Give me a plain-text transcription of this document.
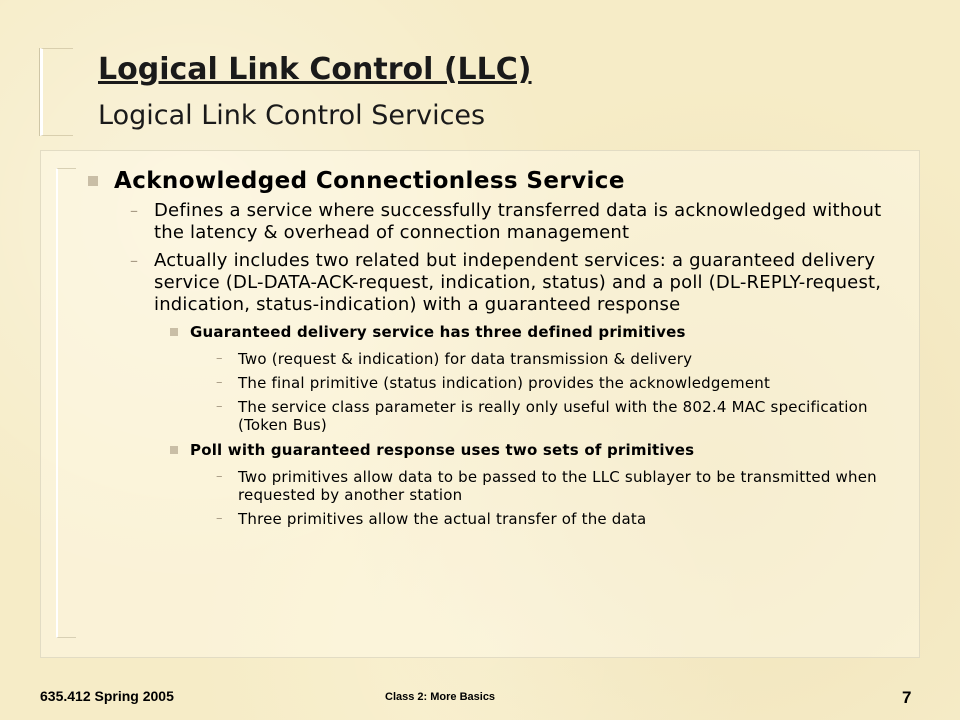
Logical Link Control (LLC)
Logical Link Control Services
Acknowledged Connectionless Service
– Defines a service where successfully transferred data is acknowledged without the latency & overhead of connection management
– Actually includes two related but independent services: a guaranteed delivery service (DL-DATA-ACK-request, indication, status) and a poll (DL-REPLY-request, indication, status-indication) with a guaranteed response
Guaranteed delivery service has three defined primitives
– Two (request & indication) for data transmission & delivery
– The final primitive (status indication) provides the acknowledgement
– The service class parameter is really only useful with the 802.4 MAC specification (Token Bus)
Poll with guaranteed response uses two sets of primitives
– Two primitives allow data to be passed to the LLC sublayer to be transmitted when requested by another station
– Three primitives allow the actual transfer of the data
635.412 Spring 2005	Class 2: More Basics	7
